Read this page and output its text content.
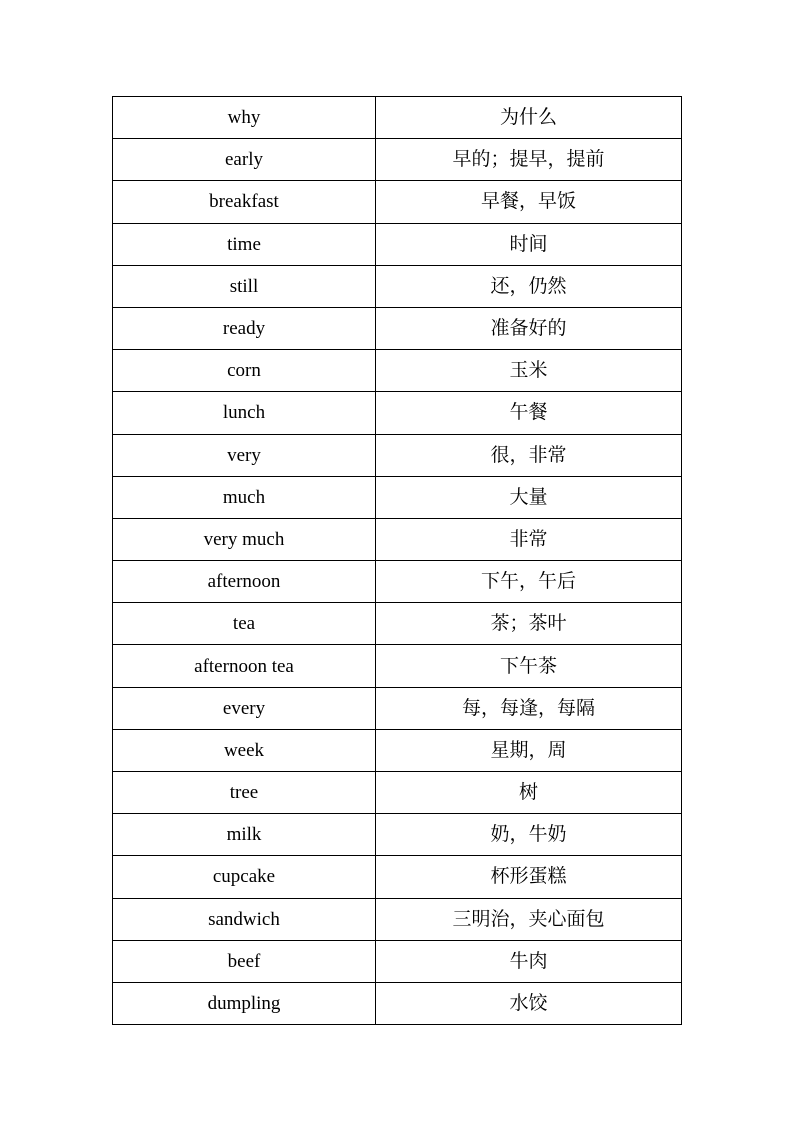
why	为什么
early	早的；提早，提前
breakfast	早餐，早饭
time	时间
still	还，仍然
ready	准备好的
corn	玉米
lunch	午餐
very	很，非常
much	大量
very much	非常
afternoon	下午，午后
tea	茶；茶叶
afternoon tea	下午茶
every	每，每逢，每隔
week	星期，周
tree	树
milk	奶，牛奶
cupcake	杯形蛋糕
sandwich	三明治，夹心面包
beef	牛肉
dumpling	水饺
